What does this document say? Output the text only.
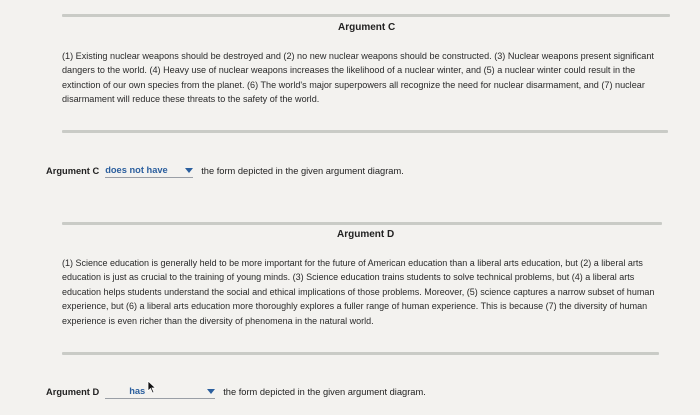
Argument C
(1) Existing nuclear weapons should be destroyed and (2) no new nuclear weapons should be constructed. (3) Nuclear weapons present significant dangers to the world. (4) Heavy use of nuclear weapons increases the likelihood of a nuclear winter, and (5) a nuclear winter could result in the extinction of our own species from the planet. (6) The world's major superpowers all recognize the need for nuclear disarmament, and (7) nuclear disarmament will reduce these threats to the safety of the world.
Argument C does not have	the form depicted in the given argument diagram.
Argument D
(1) Science education is generally held to be more important for the future of American education than a liberal arts education, but (2) a liberal arts education is just as crucial to the training of young minds. (3) Science education trains students to solve technical problems, but (4) a liberal arts education helps students understand the social and ethical implications of those problems. Moreover, (5) science captures a narrow subset of human experience, but (6) a liberal arts education more thoroughly explores a fuller range of human experience. This is because (7) the diversity of human experience is even richer than the diversity of phenomena in the natural world.
Argument D	has	the form depicted in the given argument diagram.
